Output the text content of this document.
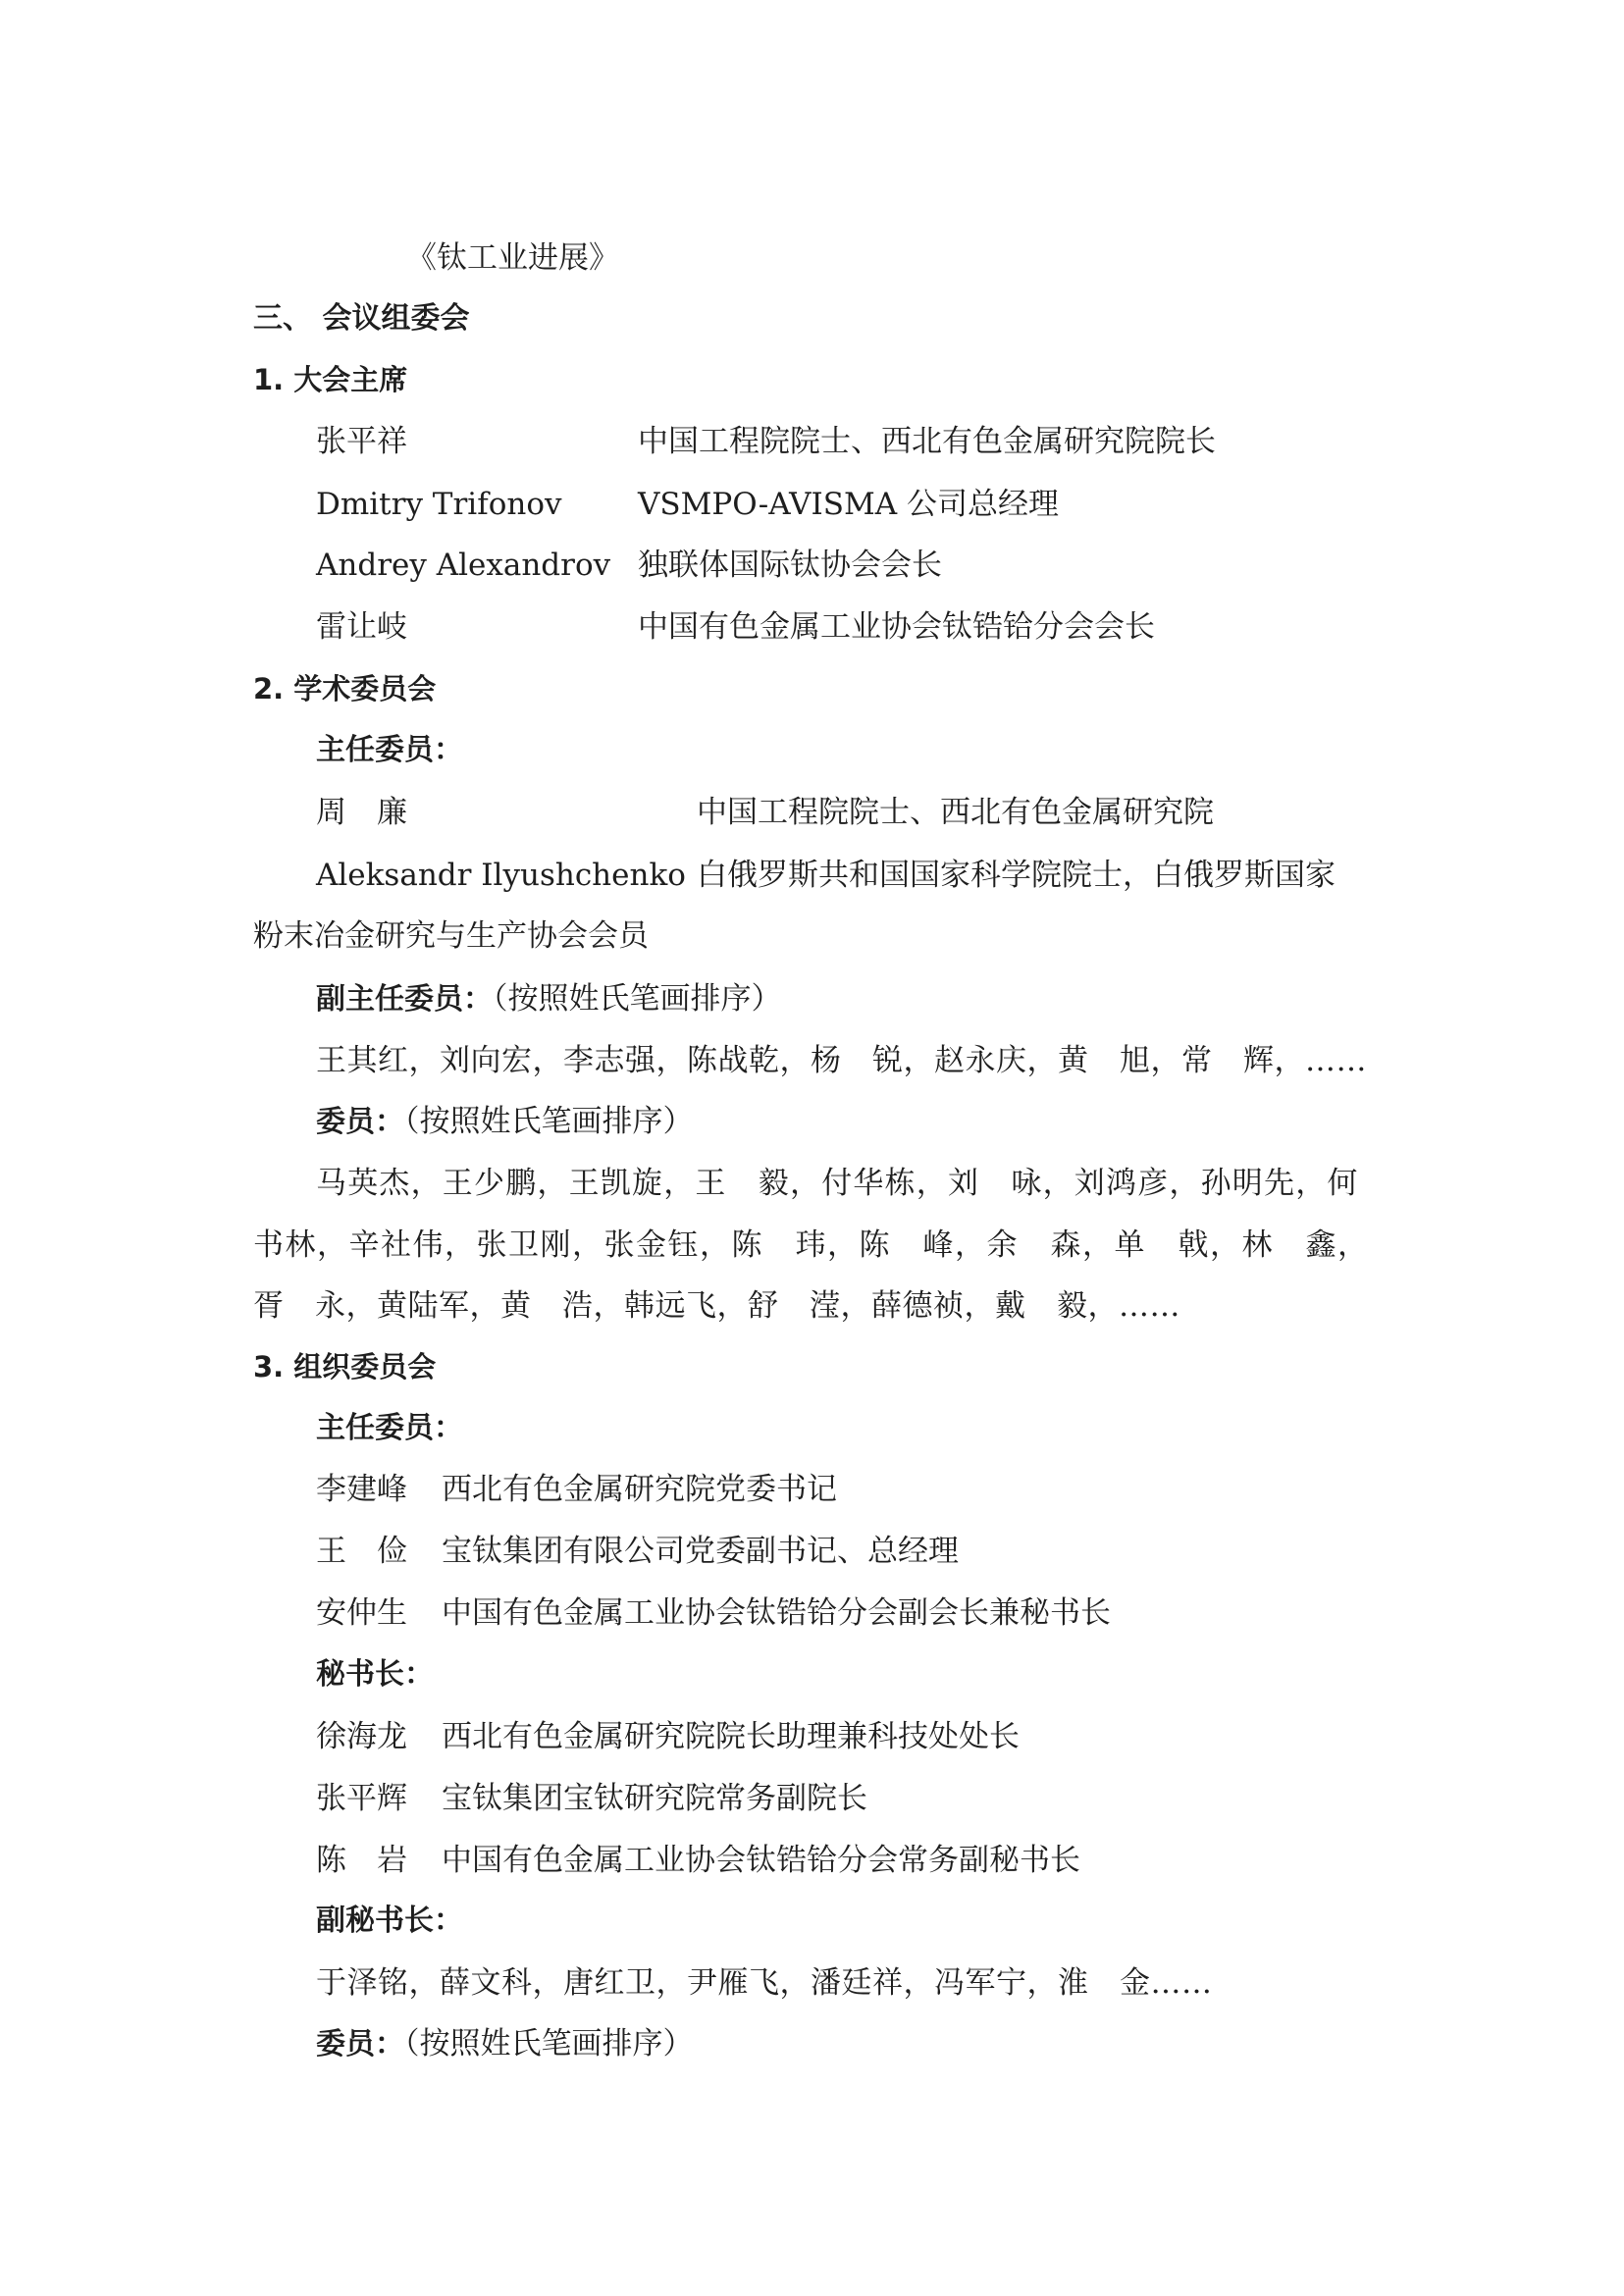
《钛工业进展》
三、 会议组委会
1. 大会主席
张平祥	中国工程院院士、西北有色金属研究院院长
Dmitry Trifonov	VSMPO-AVISMA 公司总经理
Andrey Alexandrov 独联体国际钛协会会长
雷让岐	中国有色金属工业协会钛锆铪分会会长
2. 学术委员会
主任委员：
周　廉	中国工程院院士、西北有色金属研究院
Aleksandr Ilyushchenko 白俄罗斯共和国国家科学院院士，白俄罗斯国家
粉末冶金研究与生产协会会员
副主任委员：（按照姓氏笔画排序）
王其红，刘向宏，李志强，陈战乾，杨　锐，赵永庆，黄　旭，常　辉，……
委员：（按照姓氏笔画排序）
马英杰，王少鹏，王凯旋，王　毅，付华栋，刘　咏，刘鸿彦，孙明先，何
书林，辛社伟，张卫刚，张金钰，陈　玮，陈　峰，余　森，单　戟，林　鑫，
胥　永，黄陆军，黄　浩，韩远飞，舒　滢，薛德祯，戴　毅，……
3. 组织委员会
主任委员：
李建峰 西北有色金属研究院党委书记
王　俭 宝钛集团有限公司党委副书记、总经理
安仲生 中国有色金属工业协会钛锆铪分会副会长兼秘书长
秘书长：
徐海龙 西北有色金属研究院院长助理兼科技处处长
张平辉 宝钛集团宝钛研究院常务副院长
陈　岩 中国有色金属工业协会钛锆铪分会常务副秘书长
副秘书长：
于泽铭，薛文科，唐红卫，尹雁飞，潘廷祥，冯军宁，淮　金……
委员：（按照姓氏笔画排序）
